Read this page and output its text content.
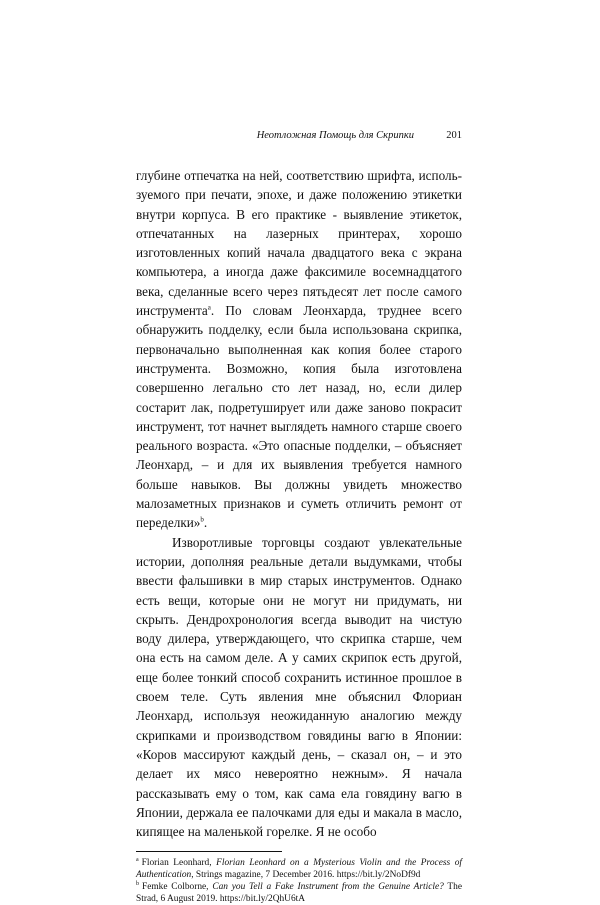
Неотложная Помощь для Скрипки	201

глубине отпечатка на ней, соответствию шрифта, используемого при печати, эпохе, и даже положению этикетки внутри корпуса. В его практике - выявление этикеток, отпечатанных на лазерных принтерах, хорошо изготовленных копий начала двадцатого века с экрана компьютера, а иногда даже факсимиле восемнадцатого века, сделанные всего через пятьдесят лет после самого инструмента$^a$. По словам Леонхарда, труднее всего обнаружить подделку, если была использована скрипка, первоначально выполненная как копия более старого инструмента. Возможно, копия была изготовлена совершенно легально сто лет назад, но, если дилер состарит лак, подретуширует или даже заново покрасит инструмент, тот начнет выглядеть намного старше своего реального возраста. «Это опасные подделки, – объясняет Леонхард, – и для их выявления требуется намного больше навыков. Вы должны увидеть множество малозаметных признаков и суметь отличить ремонт от переделки»$^b$.

Изворотливые торговцы создают увлекательные истории, дополняя реальные детали выдумками, чтобы ввести фальшивки в мир старых инструментов. Однако есть вещи, которые они не могут ни придумать, ни скрыть. Дендрохронология всегда выводит на чистую воду дилера, утверждающего, что скрипка старше, чем она есть на самом деле. А у самих скрипок есть другой, еще более тонкий способ сохранить истинное прошлое в своем теле. Суть явления мне объяснил Флориан Леонхард, используя неожиданную аналогию между скрипками и производством говядины вагю в Японии: «Коров массируют каждый день, – сказал он, – и это делает их мясо невероятно нежным». Я начала рассказывать ему о том, как сама ела говядину вагю в Японии, держала ее палочками для еды и макала в масло, кипящее на маленькой горелке. Я не особо

$^a$ Florian Leonhard, Florian Leonhard on a Mysterious Violin and the Process of Authentication, Strings magazine, 7 December 2016. https://bit.ly/2NoDf9d

$^b$ Femke Colborne, Can you Tell a Fake Instrument from the Genuine Article? The Strad, 6 August 2019. https://bit.ly/2QhU6tA
